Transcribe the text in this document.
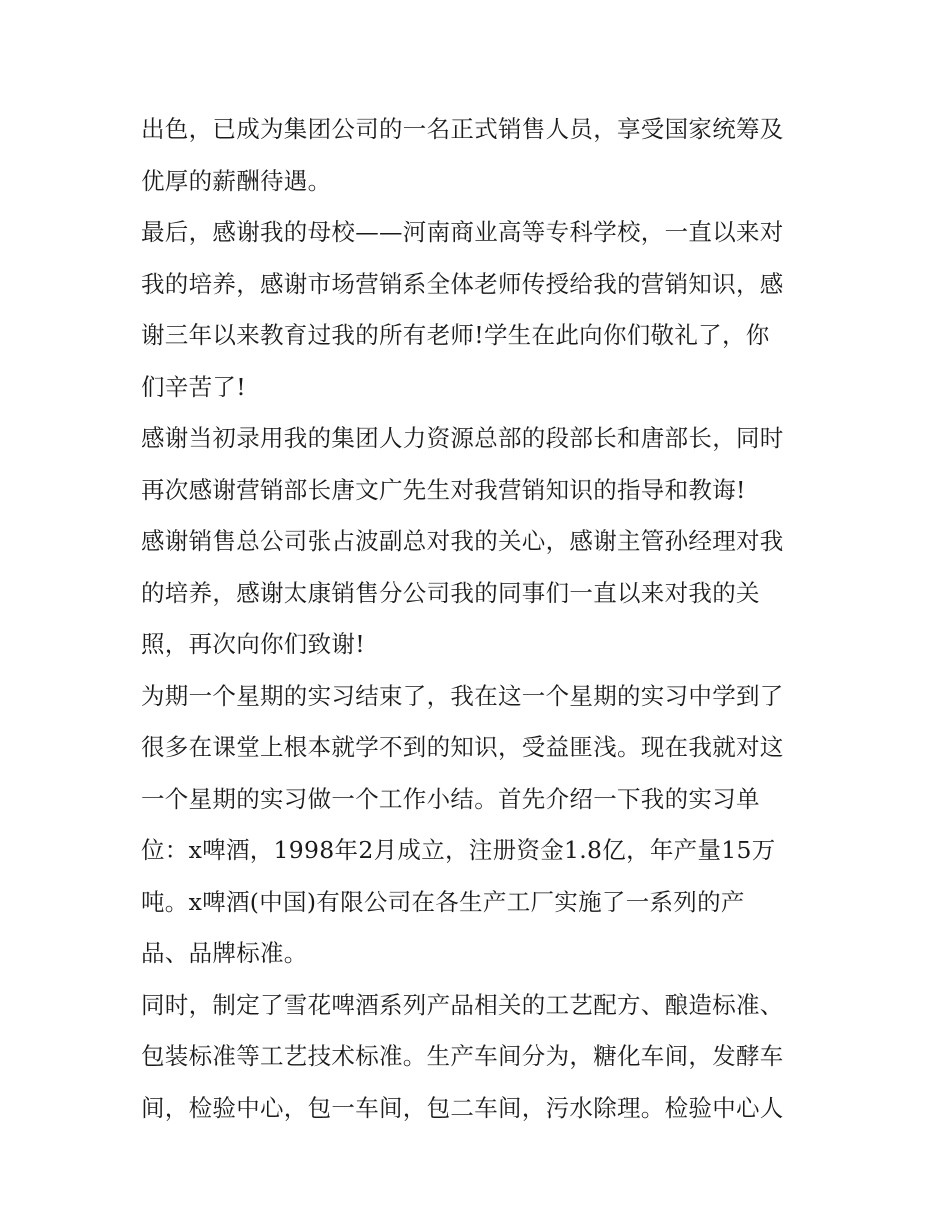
出色，已成为集团公司的一名正式销售人员，享受国家统筹及
优厚的薪酬待遇。
最后，感谢我的母校——河南商业高等专科学校，一直以来对
我的培养，感谢市场营销系全体老师传授给我的营销知识，感
谢三年以来教育过我的所有老师!学生在此向你们敬礼了，你
们辛苦了!
感谢当初录用我的集团人力资源总部的段部长和唐部长，同时
再次感谢营销部长唐文广先生对我营销知识的指导和教诲!
感谢销售总公司张占波副总对我的关心，感谢主管孙经理对我
的培养，感谢太康销售分公司我的同事们一直以来对我的关
照，再次向你们致谢!
为期一个星期的实习结束了，我在这一个星期的实习中学到了
很多在课堂上根本就学不到的知识，受益匪浅。现在我就对这
一个星期的实习做一个工作小结。首先介绍一下我的实习单
位：x啤酒，1998年2月成立，注册资金1.8亿，年产量15万
吨。x啤酒(中国)有限公司在各生产工厂实施了一系列的产
品、品牌标准。
同时，制定了雪花啤酒系列产品相关的工艺配方、酿造标准、
包装标准等工艺技术标准。生产车间分为，糖化车间，发酵车
间，检验中心，包一车间，包二车间，污水除理。检验中心人
